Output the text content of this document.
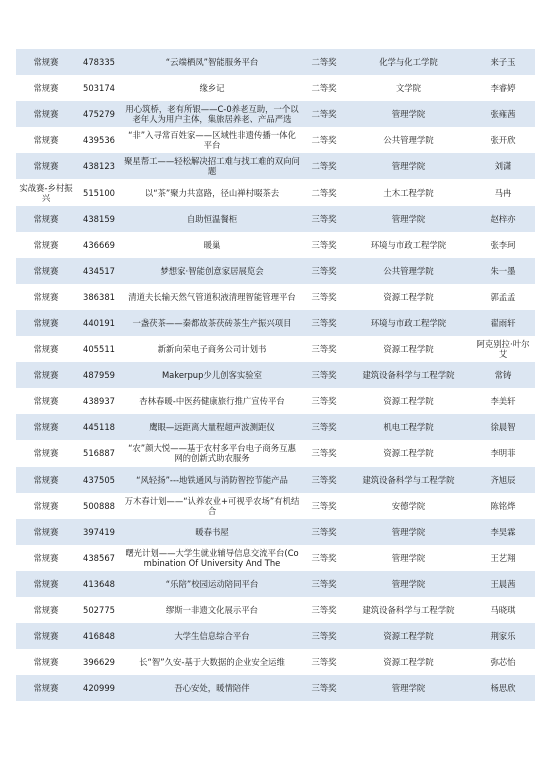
常规赛	478335	“云端栖凤”智能服务平台	二等奖	化学与化工学院	来子玉
常规赛	503174	缘乡记	二等奖	文学院	李睿婷
常规赛	475279	用心筑桥，老有所银——C-0养老互助，一个以老年人为用户主体，集旅居养老、产品严选	二等奖	管理学院	张雍茜
常规赛	439536	“非”入寻常百姓家——区域性非遗传播一体化平台	二等奖	公共管理学院	张开欣
常规赛	438123	聚星帮工——轻松解决招工难与找工难的双向问题	二等奖	管理学院	刘潇
实战赛-乡村振兴	515100	以“茶”聚力共富路，径山禅村啜茶去	二等奖	土木工程学院	马冉
常规赛	438159	自助恒温餐柜	三等奖	管理学院	赵梓亦
常规赛	436669	暖巢	三等奖	环境与市政工程学院	张李珂
常规赛	434517	梦想家·智能创意家居展览会	三等奖	公共管理学院	朱一墨
常规赛	386381	清道夫长输天然气管道积液清理智能管理平台	三等奖	资源工程学院	郭孟孟
常规赛	440191	一盏茯茶——秦都故茶茯砖茶生产振兴项目	三等奖	环境与市政工程学院	翟雨轩
常规赛	405511	新新向荣电子商务公司计划书	三等奖	资源工程学院	阿克别拉·叶尔艾
常规赛	487959	Makerpup少儿创客实验室	三等奖	建筑设备科学与工程学院	常铸
常规赛	438937	杏林春暖-中医药健康旅行推广宣传平台	三等奖	资源工程学院	李美轩
常规赛	445118	鹰眼—远距离大量程超声波测距仪	三等奖	机电工程学院	徐晨智
常规赛	516887	“农”颜大悦——基于农村多平台电子商务互惠网的创新式助农服务	三等奖	资源工程学院	李明菲
常规赛	437505	“风轻扬”---地铁通风与消防智控节能产品	三等奖	建筑设备科学与工程学院	齐旭辰
常规赛	500888	万木春计划——“认养农业+可视乎农场”有机结合	三等奖	安德学院	陈铭烨
常规赛	397419	暖春书屋	三等奖	管理学院	李昊霖
常规赛	438567	曙光计划——大学生就业辅导信息交流平台(Combination Of University And The	三等奖	管理学院	王艺翔
常规赛	413648	“乐陪”校园运动陪同平台	三等奖	管理学院	王晨茜
常规赛	502775	缪斯一非遗文化展示平台	三等奖	建筑设备科学与工程学院	马晓琪
常规赛	416848	大学生信息综合平台	三等奖	资源工程学院	荆家乐
常规赛	396629	长“智”久安-基于大数据的企业安全运维	三等奖	资源工程学院	弥芯怡
常规赛	420999	吾心安处，暖情陪伴	三等奖	管理学院	杨思欣
